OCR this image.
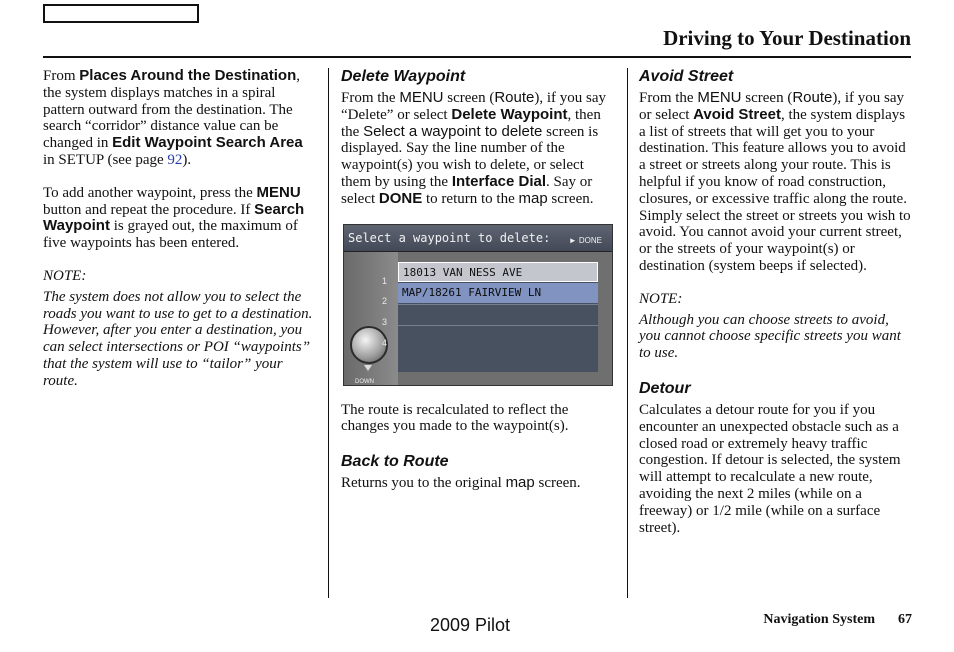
Driving to Your Destination

From Places Around the Destination, the system displays matches in a spiral pattern outward from the destination. The search “corridor” distance value can be changed in Edit Waypoint Search Area in SETUP (see page 92).

To add another waypoint, press the MENU button and repeat the procedure. If Search Waypoint is grayed out, the maximum of five waypoints has been entered.

NOTE:

The system does not allow you to select the roads you want to use to get to a destination. However, after you enter a destination, you can select intersections or POI “waypoints” that the system will use to “tailor” your route.

Delete Waypoint

From the MENU screen (Route), if you say “Delete” or select Delete Waypoint, then the Select a waypoint to delete screen is displayed. Say the line number of the waypoint(s) you wish to delete, or select them by using the Interface Dial. Say or select DONE to return to the map screen.

Select a waypoint to delete: ► DONE
DOWN
1
2
3
4
18013 VAN NESS AVE
MAP/18261 FAIRVIEW LN

The route is recalculated to reflect the changes you made to the waypoint(s).

Back to Route

Returns you to the original map screen.

Avoid Street

From the MENU screen (Route), if you say or select Avoid Street, the system displays a list of streets that will get you to your destination. This feature allows you to avoid a street or streets along your route. This is helpful if you know of road construction, closures, or excessive traffic along the route. Simply select the street or streets you wish to avoid. You cannot avoid your current street, or the streets of your waypoint(s) or destination (system beeps if selected).

NOTE:

Although you can choose streets to avoid, you cannot choose specific streets you want to use.

Detour

Calculates a detour route for you if you encounter an unexpected obstacle such as a closed road or extremely heavy traffic congestion. If detour is selected, the system will attempt to recalculate a new route, avoiding the next 2 miles (while on a freeway) or 1/2 mile (while on a surface street).

2009 Pilot	Navigation System 67
